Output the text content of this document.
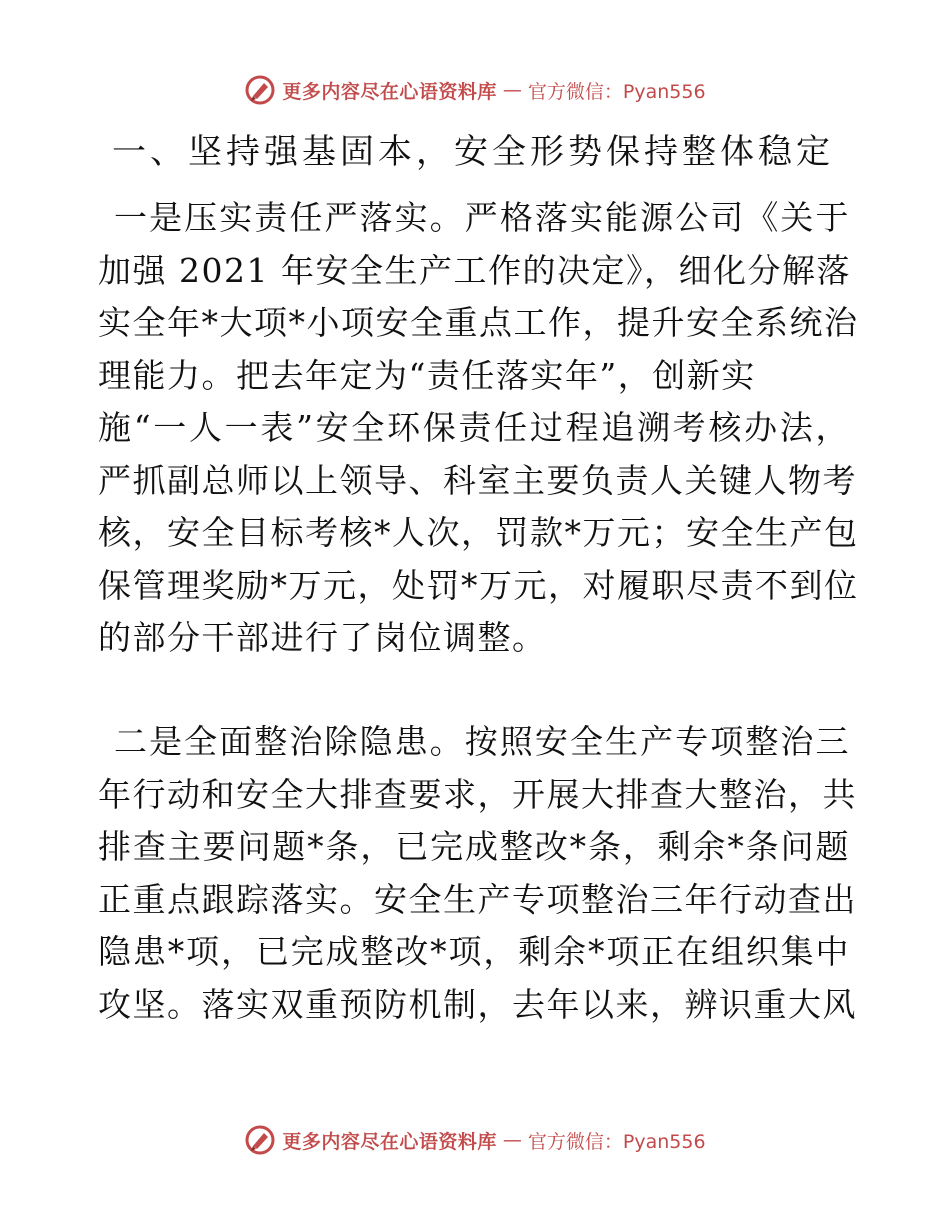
更多内容尽在心语资料库 — 官方微信：Pyan556
一、坚持强基固本，安全形势保持整体稳定
一是压实责任严落实。严格落实能源公司《关于
加强 2021 年安全生产工作的决定》，细化分解落
实全年*大项*小项安全重点工作，提升安全系统治
理能力。把去年定为“责任落实年”，创新实
施“一人一表”安全环保责任过程追溯考核办法，
严抓副总师以上领导、科室主要负责人关键人物考
核，安全目标考核*人次，罚款*万元；安全生产包
保管理奖励*万元，处罚*万元，对履职尽责不到位
的部分干部进行了岗位调整。
二是全面整治除隐患。按照安全生产专项整治三
年行动和安全大排查要求，开展大排查大整治，共
排查主要问题*条，已完成整改*条，剩余*条问题
正重点跟踪落实。安全生产专项整治三年行动查出
隐患*项，已完成整改*项，剩余*项正在组织集中
攻坚。落实双重预防机制，去年以来，辨识重大风
更多内容尽在心语资料库 — 官方微信：Pyan556
